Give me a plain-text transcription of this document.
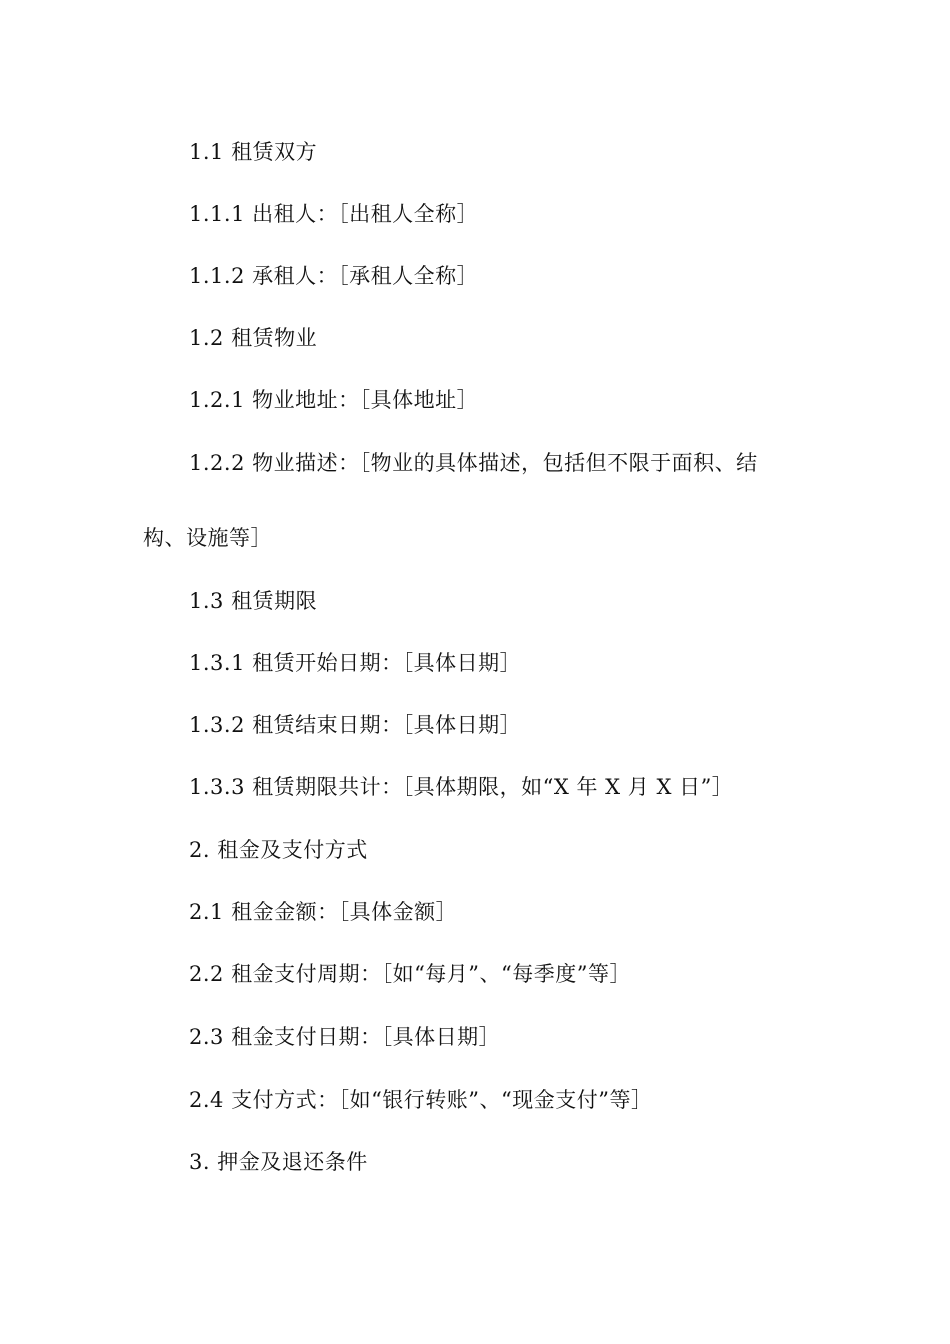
1.1 租赁双方
1.1.1 出租人：［出租人全称］
1.1.2 承租人：［承租人全称］
1.2 租赁物业
1.2.1 物业地址：［具体地址］
1.2.2 物业描述：［物业的具体描述，包括但不限于面积、结
构、设施等］
1.3 租赁期限
1.3.1 租赁开始日期：［具体日期］
1.3.2 租赁结束日期：［具体日期］
1.3.3 租赁期限共计：［具体期限，如“X 年 X 月 X 日”］
2. 租金及支付方式
2.1 租金金额：［具体金额］
2.2 租金支付周期：［如“每月”、“每季度”等］
2.3 租金支付日期：［具体日期］
2.4 支付方式：［如“银行转账”、“现金支付”等］
3. 押金及退还条件
